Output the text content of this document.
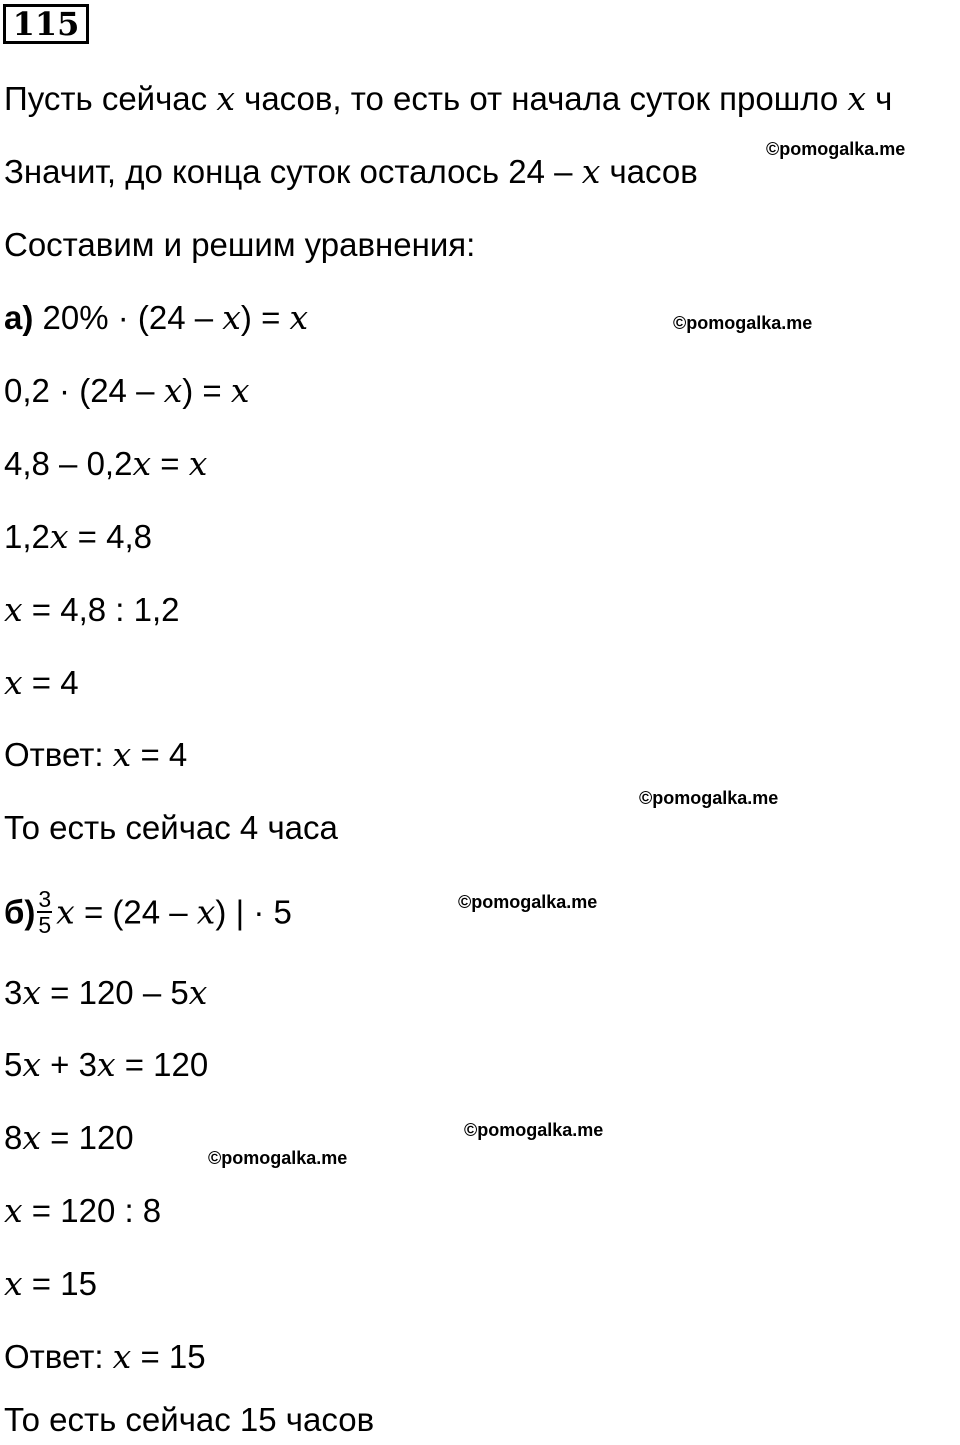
115
Пусть сейчас x часов, то есть от начала суток прошло x ч
Значит, до конца суток осталось 24 – x часов
Составим и решим уравнения:
а) 20% · (24 – x) = x
0,2 · (24 – x) = x
4,8 – 0,2x = x
1,2x = 4,8
x = 4,8 : 1,2
x = 4
Ответ: x = 4
То есть сейчас 4 часа
$б) \frac{3}{5}$ x = (24 – x) | · 5
3x = 120 – 5x
5x + 3x = 120
8x = 120
x = 120 : 8
x = 15
Ответ: x = 15
То есть сейчас 15 часов
©pomogalka.me
©pomogalka.me
©pomogalka.me
©pomogalka.me
©pomogalka.me
©pomogalka.me
